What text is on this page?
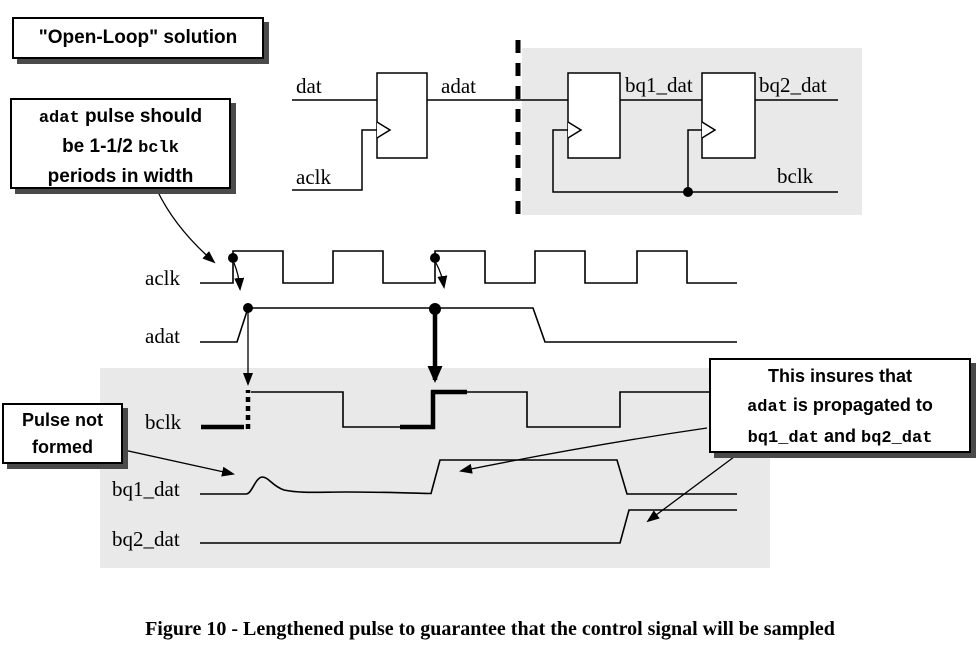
dat	adat
aclk
bq1_dat	bq2_dat
bclk
aclk
adat
bclk
bq1_dat
bq2_dat
"Open-Loop" solution
adat pulse should
be 1-1/2 bclk
periods in width
Pulse not formed
This insures that
adat is propagated to
bq1_dat and bq2_dat
Figure 10 - Lengthened pulse to guarantee that the control signal will be sampled
